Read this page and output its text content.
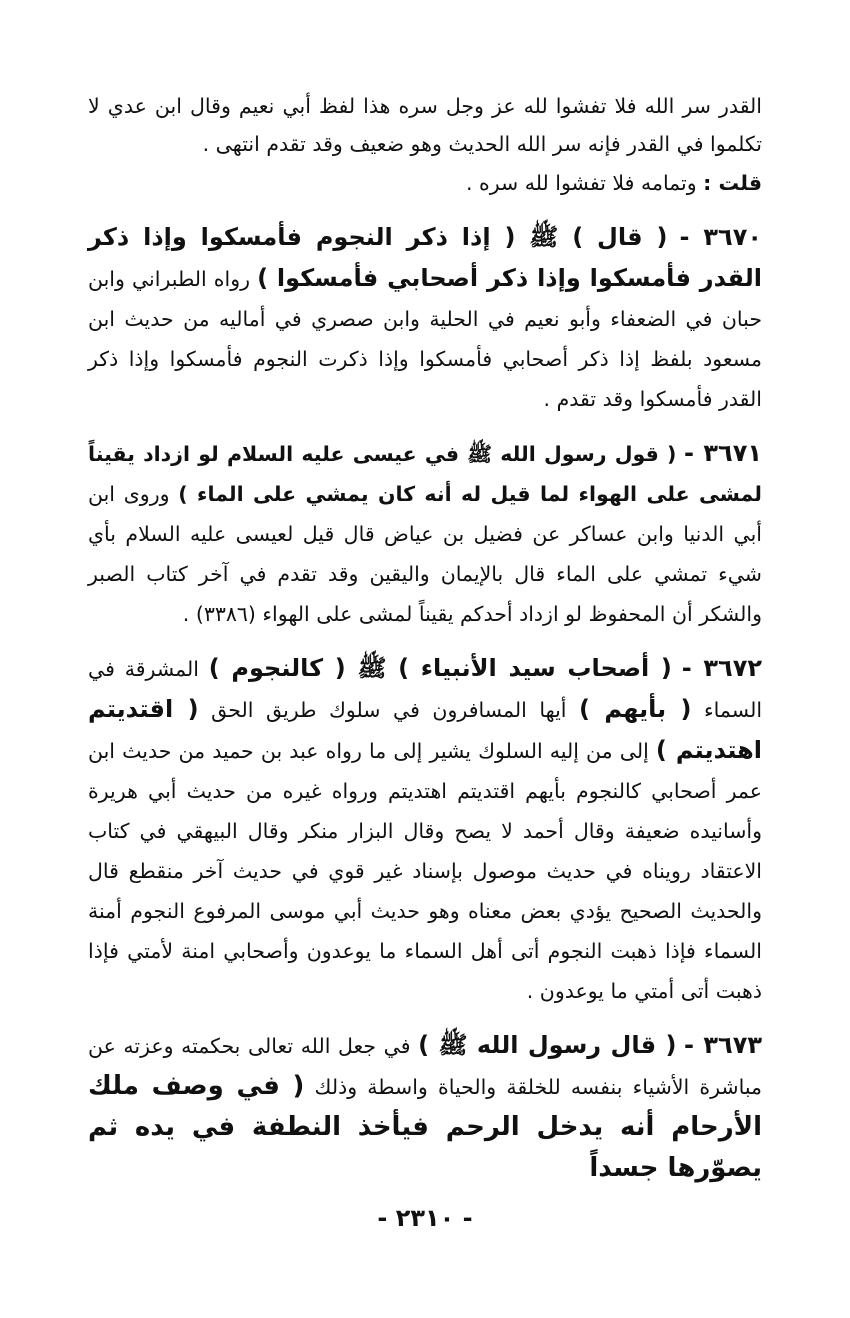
القدر سر الله فلا تفشوا لله عز وجل سره هذا لفظ أبي نعيم وقال ابن عدي لا تكلموا في القدر فإنه سر الله الحديث وهو ضعيف وقد تقدم انتهى .

قلت : وتمامه فلا تفشوا لله سره .

٣٦٧٠ - ( قال ) ﷺ ( إذا ذكر النجوم فأمسكوا وإذا ذكر القدر فأمسكوا وإذا ذكر أصحابي فأمسكوا ) رواه الطبراني وابن حبان في الضعفاء وأبو نعيم في الحلية وابن صصري في أماليه من حديث ابن مسعود بلفظ إذا ذكر أصحابي فأمسكوا وإذا ذكرت النجوم فأمسكوا وإذا ذكر القدر فأمسكوا وقد تقدم .

٣٦٧١ - ( قول رسول الله ﷺ في عيسى عليه السلام لو ازداد يقيناً لمشى على الهواء لما قيل له أنه كان يمشي على الماء ) وروى ابن أبي الدنيا وابن عساكر عن فضيل بن عياض قال قيل لعيسى عليه السلام بأي شيء تمشي على الماء قال بالإيمان واليقين وقد تقدم في آخر كتاب الصبر والشكر أن المحفوظ لو ازداد أحدكم يقيناً لمشى على الهواء (٣٣٨٦) .

٣٦٧٢ - ( أصحاب سيد الأنبياء ) ﷺ ( كالنجوم ) المشرقة في السماء ( بأيهم ) أيها المسافرون في سلوك طريق الحق ( اقتديتم اهتديتم ) إلى من إليه السلوك يشير إلى ما رواه عبد بن حميد من حديث ابن عمر أصحابي كالنجوم بأيهم اقتديتم اهتديتم ورواه غيره من حديث أبي هريرة وأسانيده ضعيفة وقال أحمد لا يصح وقال البزار منكر وقال البيهقي في كتاب الاعتقاد رويناه في حديث موصول بإسناد غير قوي في حديث آخر منقطع قال والحديث الصحيح يؤدي بعض معناه وهو حديث أبي موسى المرفوع النجوم أمنة السماء فإذا ذهبت النجوم أتى أهل السماء ما يوعدون وأصحابي امنة لأمتي فإذا ذهبت أتى أمتي ما يوعدون .

٣٦٧٣ - ( قال رسول الله ﷺ ) في جعل الله تعالى بحكمته وعزته عن مباشرة الأشياء بنفسه للخلقة والحياة واسطة وذلك ( في وصف ملك الأرحام أنه يدخل الرحم فيأخذ النطفة في يده ثم يصوّرها جسداً

- ٢٣١٠ -
